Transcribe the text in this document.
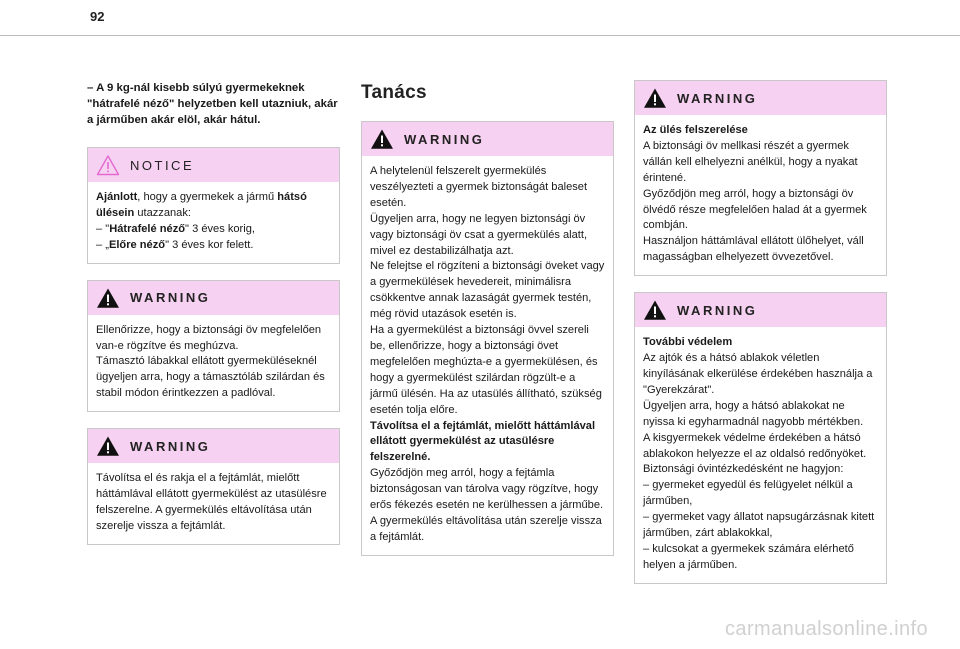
92

– A 9 kg-nál kisebb súlyú gyermekeknek "hátrafelé néző" helyzetben kell utazniuk, akár a járműben akár elöl, akár hátul.

NOTICE

Ajánlott, hogy a gyermekek a jármű hátsó ülésein utazzanak:

– "Hátrafelé néző" 3 éves korig,

– „Előre néző" 3 éves kor felett.

WARNING

Ellenőrizze, hogy a biztonsági öv megfelelően van-e rögzítve és meghúzva.

Támasztó lábakkal ellátott gyermeküléseknél ügyeljen arra, hogy a támasztóláb szilárdan és stabil módon érintkezzen a padlóval.

WARNING

Távolítsa el és rakja el a fejtámlát, mielőtt háttámlával ellátott gyermekülést az utasülésre felszerelne. A gyermekülés eltávolítása után szerelje vissza a fejtámlát.

Tanács
WARNING

A helytelenül felszerelt gyermekülés veszélyezteti a gyermek biztonságát baleset esetén.

Ügyeljen arra, hogy ne legyen biztonsági öv vagy biztonsági öv csat a gyermekülés alatt, mivel ez destabilizálhatja azt.

Ne felejtse el rögzíteni a biztonsági öveket vagy a gyermekülések hevedereit, minimálisra csökkentve annak lazaságát gyermek testén, még rövid utazások esetén is.

Ha a gyermekülést a biztonsági övvel szereli be, ellenőrizze, hogy a biztonsági övet megfelelően meghúzta-e a gyermekülésen, és hogy a gyermekülést szilárdan rögzült-e a jármű ülésén. Ha az utasülés állítható, szükség esetén tolja előre.

Távolítsa el a fejtámlát, mielőtt háttámlával ellátott gyermekülést az utasülésre felszerelné.

Győződjön meg arról, hogy a fejtámla biztonságosan van tárolva vagy rögzítve, hogy erős fékezés esetén ne kerülhessen a járműbe. A gyermekülés eltávolítása után szerelje vissza a fejtámlát.

WARNING

Az ülés felszerelése

A biztonsági öv mellkasi részét a gyermek vállán kell elhelyezni anélkül, hogy a nyakat érintené.

Győződjön meg arról, hogy a biztonsági öv ölvédő része megfelelően halad át a gyermek combján.

Használjon háttámlával ellátott ülőhelyet, váll magasságban elhelyezett övvezetővel.

WARNING

További védelem

Az ajtók és a hátsó ablakok véletlen kinyílásának elkerülése érdekében használja a "Gyerekzárat".

Ügyeljen arra, hogy a hátsó ablakokat ne nyissa ki egyharmadnál nagyobb mértékben.

A kisgyermekek védelme érdekében a hátsó ablakokon helyezze el az oldalsó redőnyöket.

Biztonsági óvintézkedésként ne hagyjon:

– gyermeket egyedül és felügyelet nélkül a járműben,

– gyermeket vagy állatot napsugárzásnak kitett járműben, zárt ablakokkal,

– kulcsokat a gyermekek számára elérhető helyen a járműben.

carmanualsonline.info
